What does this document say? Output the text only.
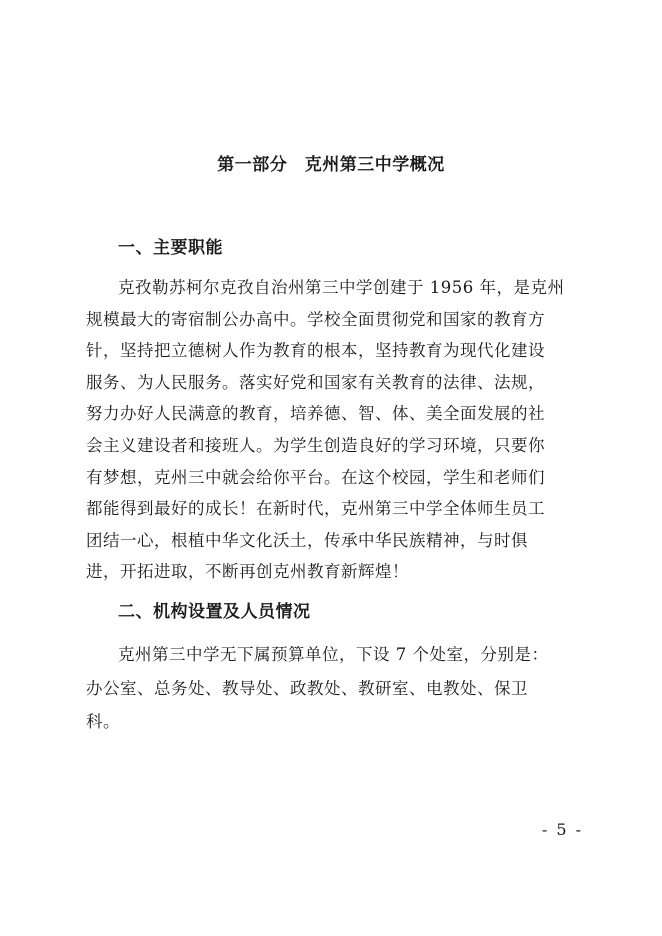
第一部分　克州第三中学概况
一、主要职能
克孜勒苏柯尔克孜自治州第三中学创建于 1956 年，是克州
规模最大的寄宿制公办高中。学校全面贯彻党和国家的教育方
针，坚持把立德树人作为教育的根本，坚持教育为现代化建设
服务、为人民服务。落实好党和国家有关教育的法律、法规，
努力办好人民满意的教育，培养德、智、体、美全面发展的社
会主义建设者和接班人。为学生创造良好的学习环境，只要你
有梦想，克州三中就会给你平台。在这个校园，学生和老师们
都能得到最好的成长！在新时代，克州第三中学全体师生员工
团结一心，根植中华文化沃土，传承中华民族精神，与时俱
进，开拓进取，不断再创克州教育新辉煌！
二、机构设置及人员情况
克州第三中学无下属预算单位，下设 7 个处室，分别是：
办公室、总务处、教导处、政教处、教研室、电教处、保卫
科。
- 5 -
